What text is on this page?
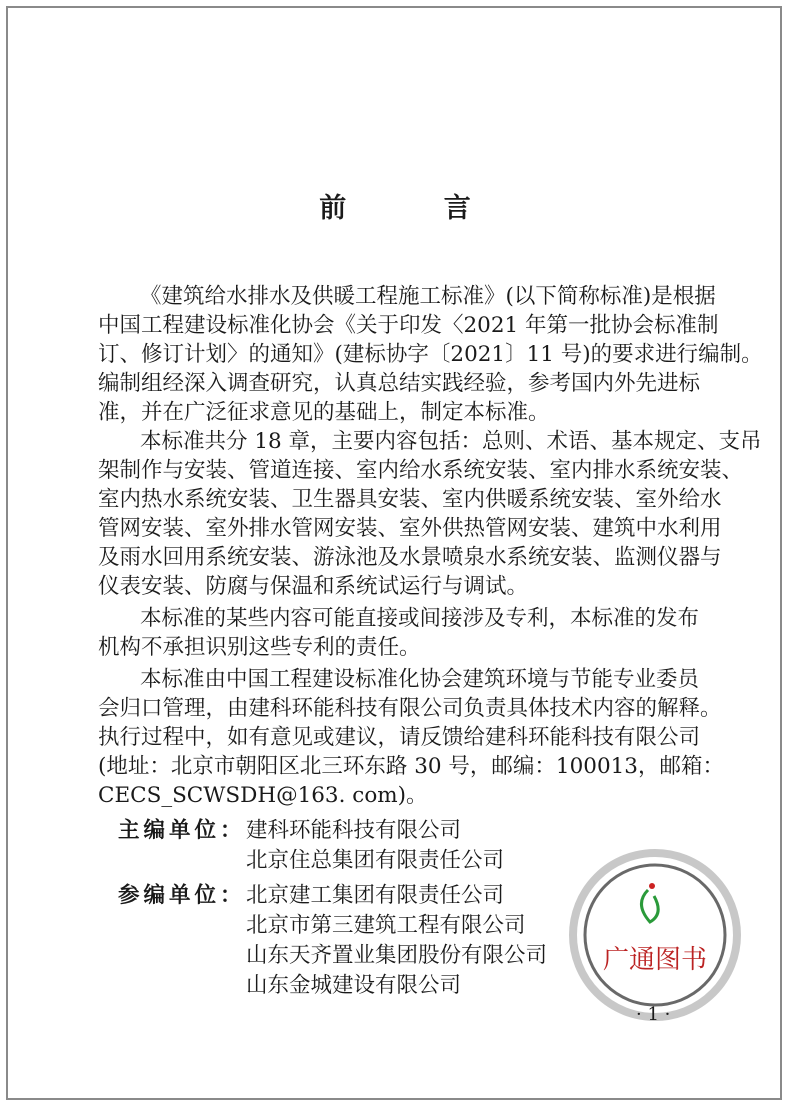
前 言
《建筑给水排水及供暖工程施工标准》(以下简称标准)是根据
中国工程建设标准化协会《关于印发〈2021 年第一批协会标准制
订、修订计划〉的通知》(建标协字〔2021〕11 号)的要求进行编制。
编制组经深入调查研究，认真总结实践经验，参考国内外先进标
准，并在广泛征求意见的基础上，制定本标准。
本标准共分 18 章，主要内容包括：总则、术语、基本规定、支吊
架制作与安装、管道连接、室内给水系统安装、室内排水系统安装、
室内热水系统安装、卫生器具安装、室内供暖系统安装、室外给水
管网安装、室外排水管网安装、室外供热管网安装、建筑中水利用
及雨水回用系统安装、游泳池及水景喷泉水系统安装、监测仪器与
仪表安装、防腐与保温和系统试运行与调试。
本标准的某些内容可能直接或间接涉及专利，本标准的发布
机构不承担识别这些专利的责任。
本标准由中国工程建设标准化协会建筑环境与节能专业委员
会归口管理，由建科环能科技有限公司负责具体技术内容的解释。
执行过程中，如有意见或建议，请反馈给建科环能科技有限公司
(地址：北京市朝阳区北三环东路 30 号，邮编：100013，邮箱：
CECS_SCWSDH@163. com)。
主编单位： 建科环能科技有限公司
北京住总集团有限责任公司
参编单位： 北京建工集团有限责任公司
北京市第三建筑工程有限公司
山东天齐置业集团股份有限公司
山东金城建设有限公司
广通图书
· 1 ·
